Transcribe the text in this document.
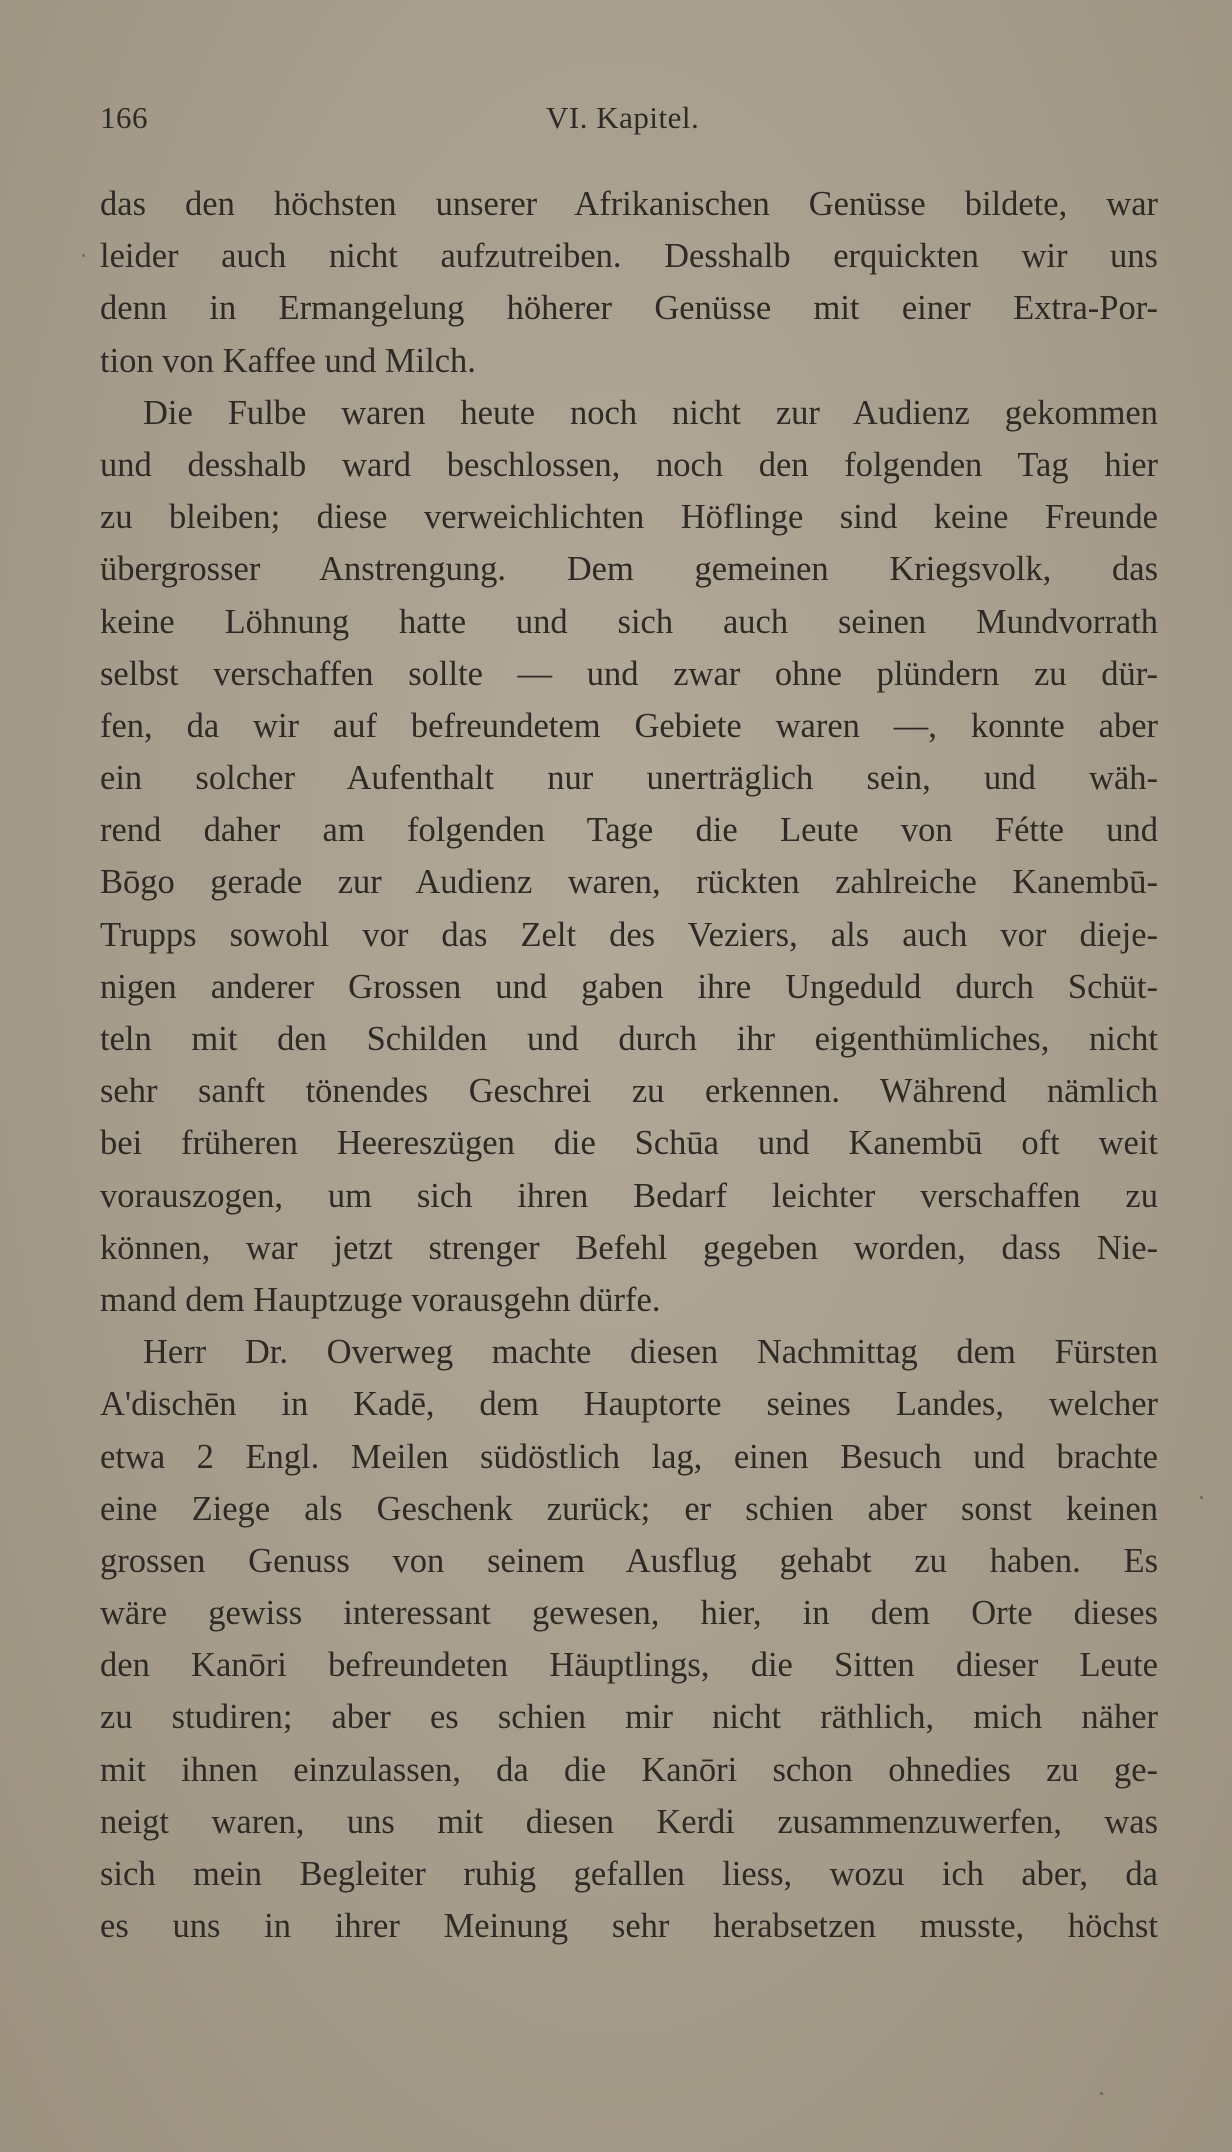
166	VI. Kapitel.
das den höchsten unserer Afrikanischen Genüsse bildete, war
leider auch nicht aufzutreiben. Desshalb erquickten wir uns
denn in Ermangelung höherer Genüsse mit einer Extra-Por-
tion von Kaffee und Milch.
Die Fulbe waren heute noch nicht zur Audienz gekommen
und desshalb ward beschlossen, noch den folgenden Tag hier
zu bleiben; diese verweichlichten Höflinge sind keine Freunde
übergrosser Anstrengung. Dem gemeinen Kriegsvolk, das
keine Löhnung hatte und sich auch seinen Mundvorrath
selbst verschaffen sollte — und zwar ohne plündern zu dür-
fen, da wir auf befreundetem Gebiete waren —, konnte aber
ein solcher Aufenthalt nur unerträglich sein, und wäh-
rend daher am folgenden Tage die Leute von Fétte und
Bōgo gerade zur Audienz waren, rückten zahlreiche Kanembū-
Trupps sowohl vor das Zelt des Veziers, als auch vor dieje-
nigen anderer Grossen und gaben ihre Ungeduld durch Schüt-
teln mit den Schilden und durch ihr eigenthümliches, nicht
sehr sanft tönendes Geschrei zu erkennen. Während nämlich
bei früheren Heereszügen die Schūa und Kanembū oft weit
vorauszogen, um sich ihren Bedarf leichter verschaffen zu
können, war jetzt strenger Befehl gegeben worden, dass Nie-
mand dem Hauptzuge vorausgehn dürfe.
Herr Dr. Overweg machte diesen Nachmittag dem Fürsten
A'dischēn in Kadē, dem Hauptorte seines Landes, welcher
etwa 2 Engl. Meilen südöstlich lag, einen Besuch und brachte
eine Ziege als Geschenk zurück; er schien aber sonst keinen
grossen Genuss von seinem Ausflug gehabt zu haben. Es
wäre gewiss interessant gewesen, hier, in dem Orte dieses
den Kanōri befreundeten Häuptlings, die Sitten dieser Leute
zu studiren; aber es schien mir nicht räthlich, mich näher
mit ihnen einzulassen, da die Kanōri schon ohnedies zu ge-
neigt waren, uns mit diesen Kerdi zusammenzuwerfen, was
sich mein Begleiter ruhig gefallen liess, wozu ich aber, da
es uns in ihrer Meinung sehr herabsetzen musste, höchst
